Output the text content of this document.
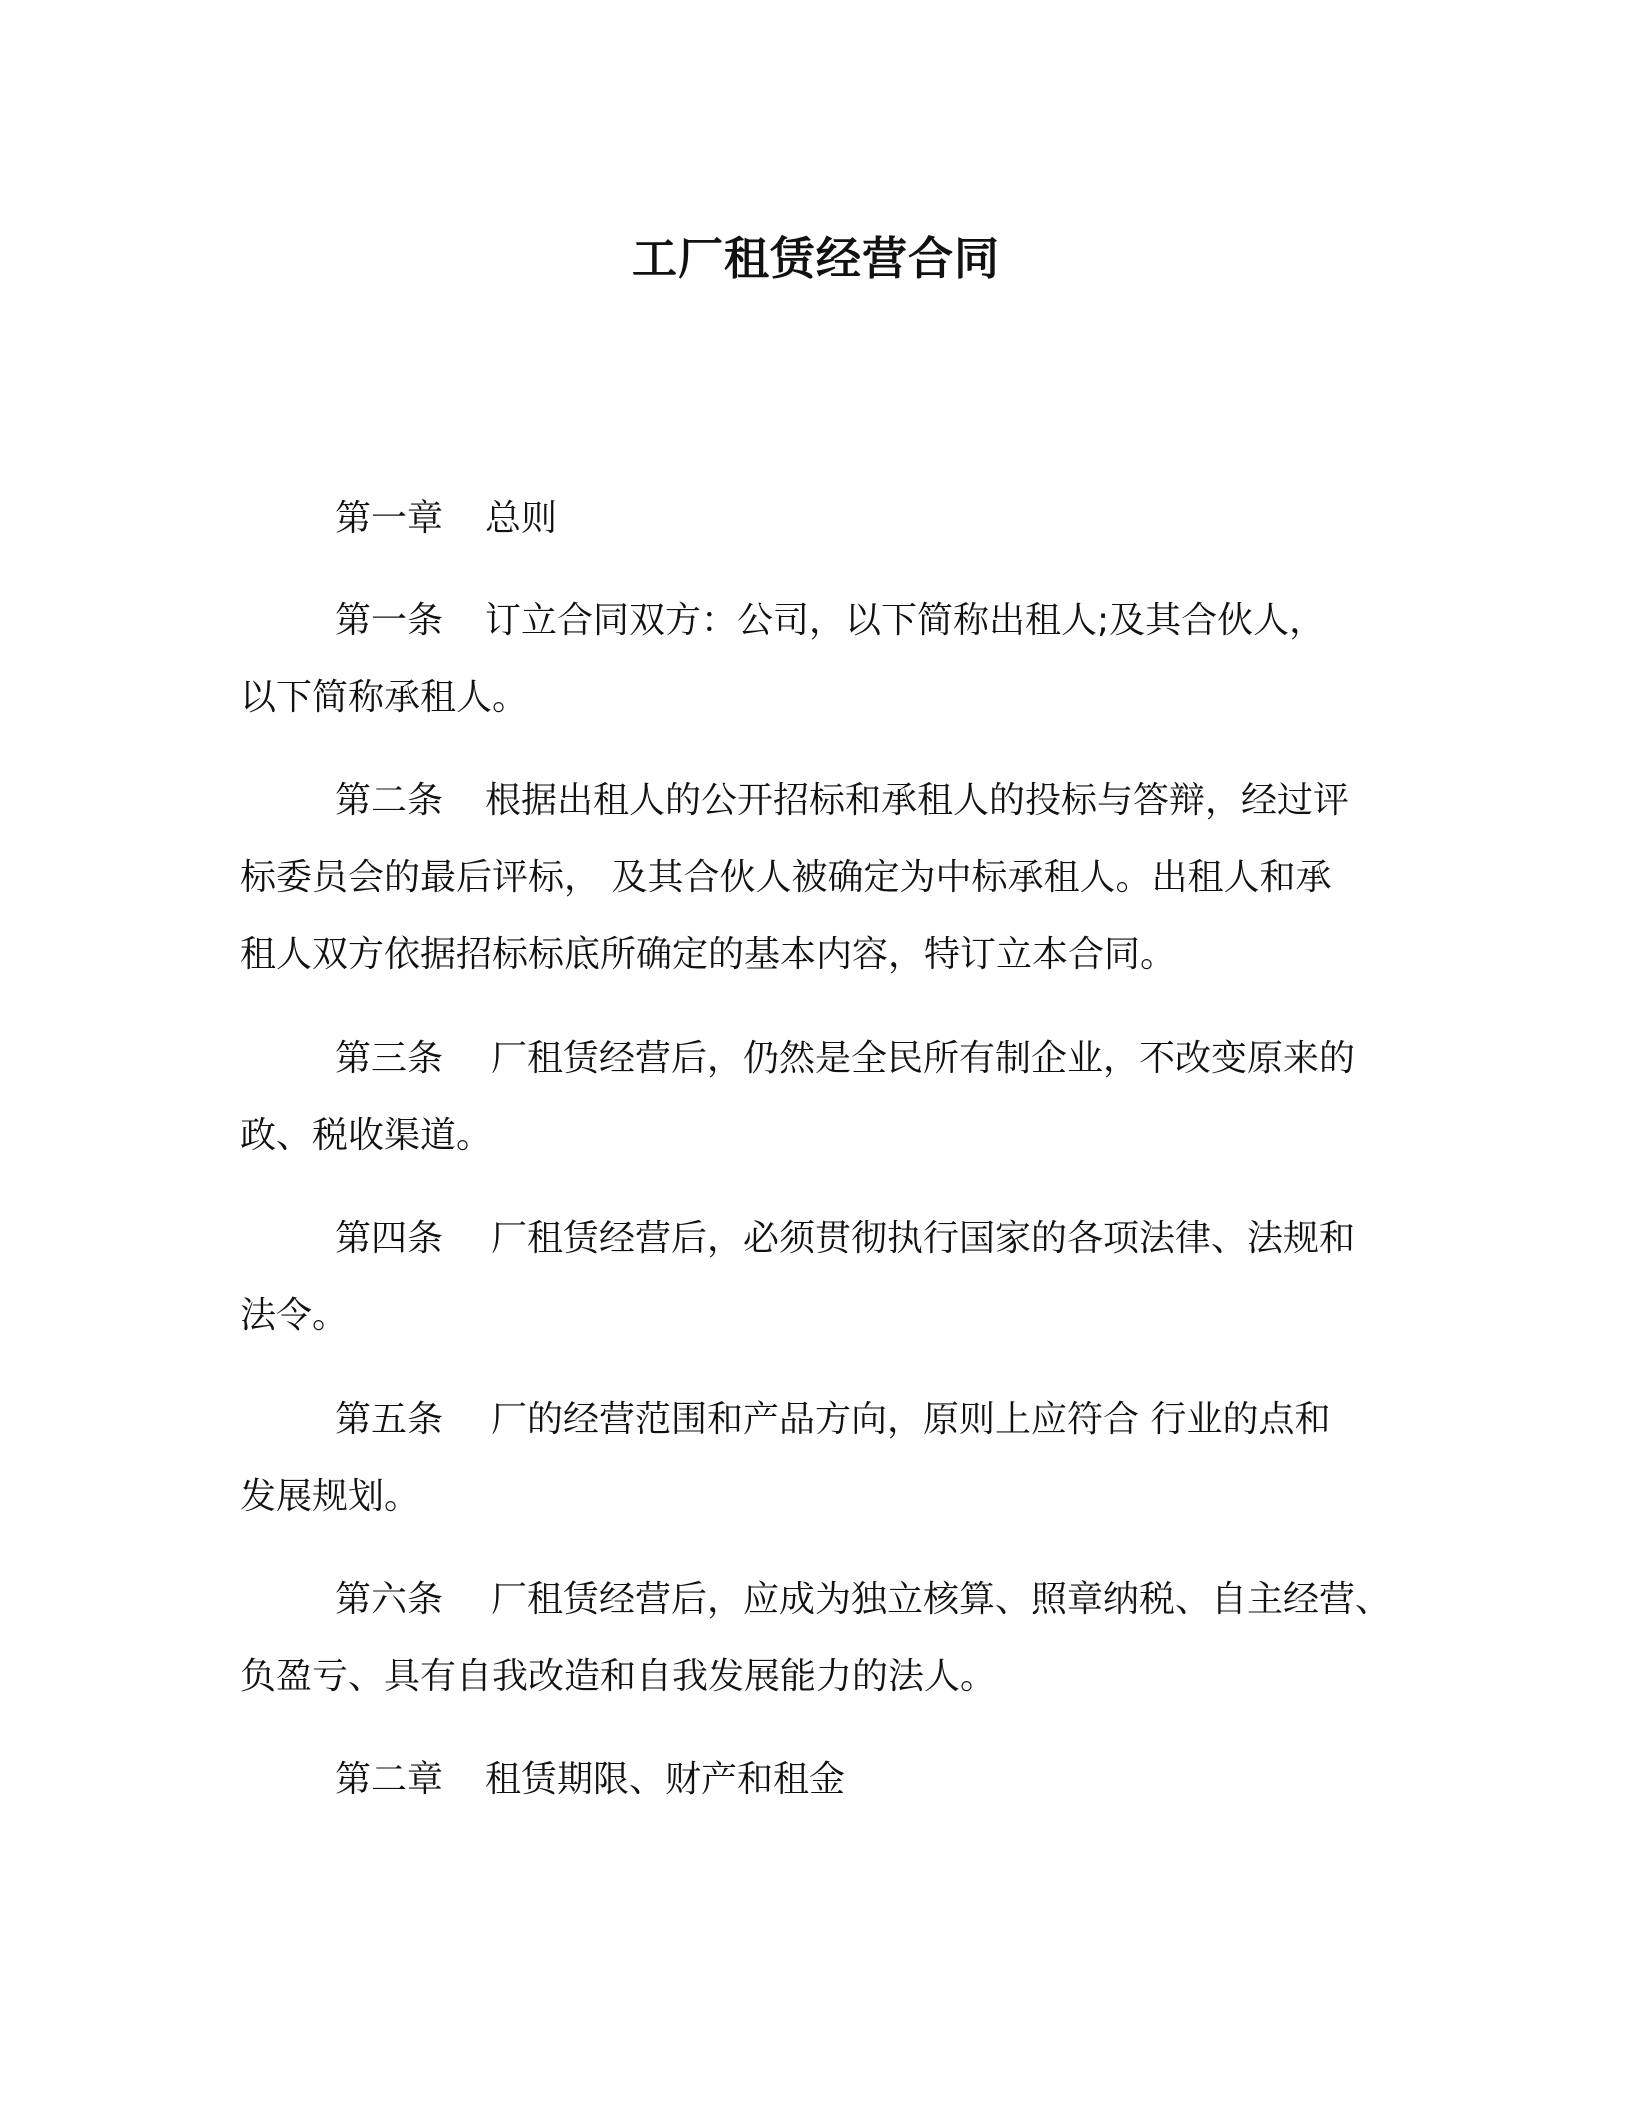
工厂租赁经营合同
第一章 总则
第一条 订立合同双方：公司，以下简称出租人;及其合伙人，
以下简称承租人。
第二条 根据出租人的公开招标和承租人的投标与答辩，经过评
标委员会的最后评标， 及其合伙人被确定为中标承租人。出租人和承
租人双方依据招标标底所确定的基本内容，特订立本合同。
第三条 厂租赁经营后，仍然是全民所有制企业，不改变原来的
政、税收渠道。
第四条 厂租赁经营后，必须贯彻执行国家的各项法律、法规和
法令。
第五条 厂的经营范围和产品方向，原则上应符合 行业的点和
发展规划。
第六条 厂租赁经营后，应成为独立核算、照章纳税、自主经营、
负盈亏、具有自我改造和自我发展能力的法人。
第二章 租赁期限、财产和租金
